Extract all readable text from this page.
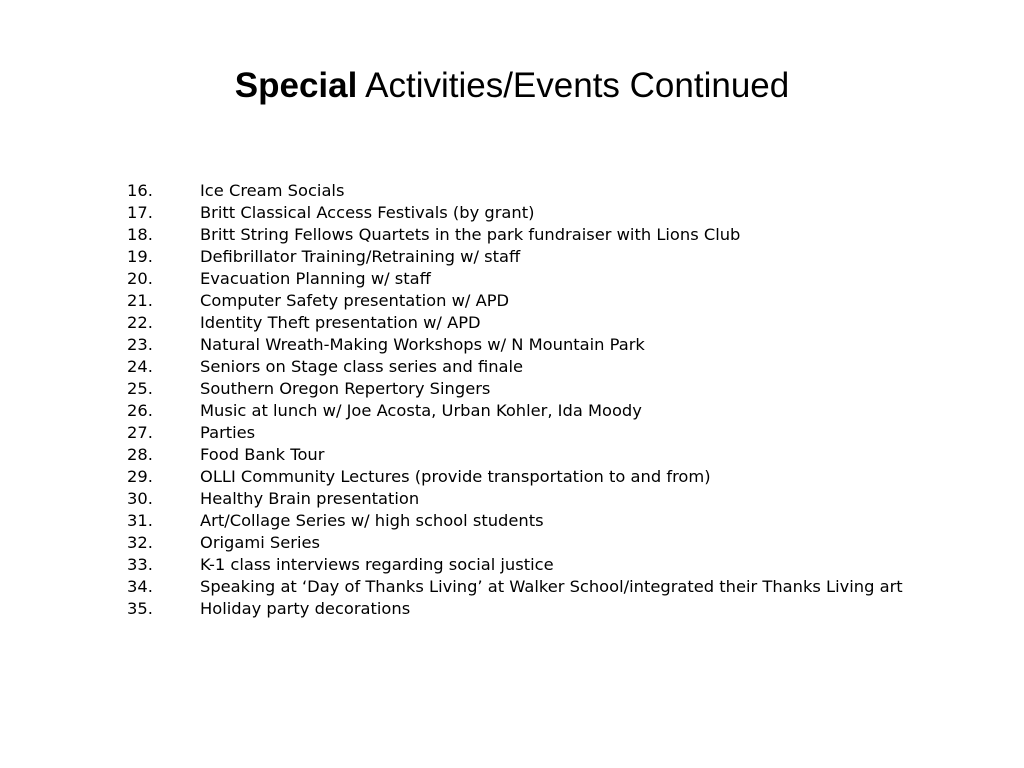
Special Activities/Events Continued
16.	Ice Cream Socials
17.	Britt Classical Access Festivals (by grant)
18.	Britt String Fellows Quartets in the park fundraiser with Lions Club
19.	Defibrillator Training/Retraining w/ staff
20.	Evacuation Planning w/ staff
21.	Computer Safety presentation w/ APD
22.	Identity Theft presentation w/ APD
23.	Natural Wreath-Making Workshops w/ N Mountain Park
24.	Seniors on Stage class series and finale
25.	Southern Oregon Repertory Singers
26.	Music at lunch w/ Joe Acosta, Urban Kohler, Ida Moody
27.	Parties
28.	Food Bank Tour
29.	OLLI Community Lectures (provide transportation to and from)
30.	Healthy Brain presentation
31.	Art/Collage Series w/ high school students
32.	Origami Series
33.	K-1 class interviews regarding social justice
34.	Speaking at ‘Day of Thanks Living’ at Walker School/integrated their Thanks Living art
35.	Holiday party decorations
